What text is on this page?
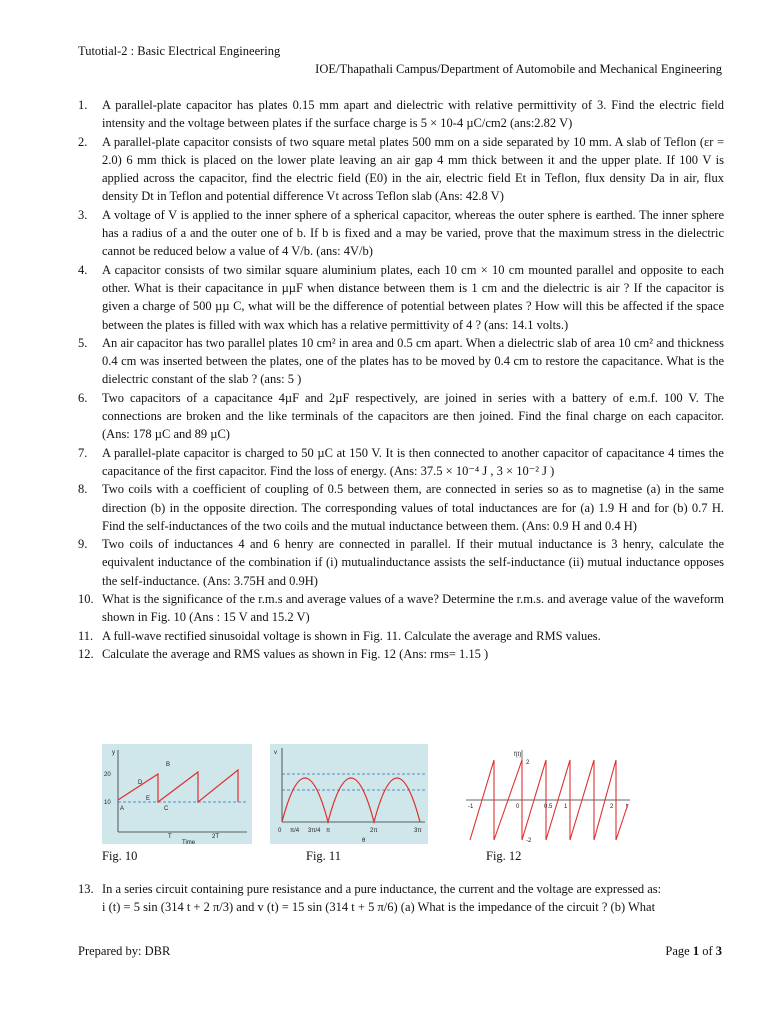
Tutotial-2 : Basic Electrical Engineering
IOE/Thapathali Campus/Department of Automobile and Mechanical Engineering
1. A parallel-plate capacitor has plates 0.15 mm apart and dielectric with relative permittivity of 3. Find the electric field intensity and the voltage between plates if the surface charge is 5 × 10-4 µC/cm2 (ans:2.82 V)
2. A parallel-plate capacitor consists of two square metal plates 500 mm on a side separated by 10 mm. A slab of Teflon (εr = 2.0) 6 mm thick is placed on the lower plate leaving an air gap 4 mm thick between it and the upper plate. If 100 V is applied across the capacitor, find the electric field (E0) in the air, electric field Et in Teflon, flux density Da in air, flux density Dt in Teflon and potential difference Vt across Teflon slab (Ans: 42.8 V)
3. A voltage of V is applied to the inner sphere of a spherical capacitor, whereas the outer sphere is earthed. The inner sphere has a radius of a and the outer one of b. If b is fixed and a may be varied, prove that the maximum stress in the dielectric cannot be reduced below a value of 4 V/b. (ans: 4V/b)
4. A capacitor consists of two similar square aluminium plates, each 10 cm × 10 cm mounted parallel and opposite to each other. What is their capacitance in µµF when distance between them is 1 cm and the dielectric is air ? If the capacitor is given a charge of 500 µµ C, what will be the difference of potential between plates ? How will this be affected if the space between the plates is filled with wax which has a relative permittivity of 4 ? (ans: 14.1 volts.)
5. An air capacitor has two parallel plates 10 cm² in area and 0.5 cm apart. When a dielectric slab of area 10 cm² and thickness 0.4 cm was inserted between the plates, one of the plates has to be moved by 0.4 cm to restore the capacitance. What is the dielectric constant of the slab ? (ans: 5 )
6. Two capacitors of a capacitance 4µF and 2µF respectively, are joined in series with a battery of e.m.f. 100 V. The connections are broken and the like terminals of the capacitors are then joined. Find the final charge on each capacitor. (Ans: 178 µC and 89 µC)
7. A parallel-plate capacitor is charged to 50 µC at 150 V. It is then connected to another capacitor of capacitance 4 times the capacitance of the first capacitor. Find the loss of energy. (Ans: 37.5 × 10⁻⁴ J , 3 × 10⁻² J )
8. Two coils with a coefficient of coupling of 0.5 between them, are connected in series so as to magnetise (a) in the same direction (b) in the opposite direction. The corresponding values of total inductances are for (a) 1.9 H and for (b) 0.7 H. Find the self-inductances of the two coils and the mutual inductance between them. (Ans: 0.9 H and 0.4 H)
9. Two coils of inductances 4 and 6 henry are connected in parallel. If their mutual inductance is 3 henry, calculate the equivalent inductance of the combination if (i) mutualinductance assists the self-inductance (ii) mutual inductance opposes the self-inductance. (Ans: 3.75H and 0.9H)
10. What is the significance of the r.m.s and average values of a wave? Determine the r.m.s. and average value of the waveform shown in Fig. 10 (Ans : 15 V and 15.2 V)
11. A full-wave rectified sinusoidal voltage is shown in Fig. 11. Calculate the average and RMS values.
12. Calculate the average and RMS values as shown in Fig. 12 (Ans: rms= 1.15 )
y
20
10
A
B
D
E
C
T	2T
Time
v
0 π/4 3π/4 π	2π	3π
θ
f(t)
2
-2
-1	0	0.5 1	2 t
Fig. 10	Fig. 11	Fig. 12
13. In a series circuit containing pure resistance and a pure inductance, the current and the voltage are expressed as:
i (t) = 5 sin (314 t + 2 π/3) and v (t) = 15 sin (314 t + 5 π/6) (a) What is the impedance of the circuit ? (b) What
Prepared by: DBR	Page 1 of 3
